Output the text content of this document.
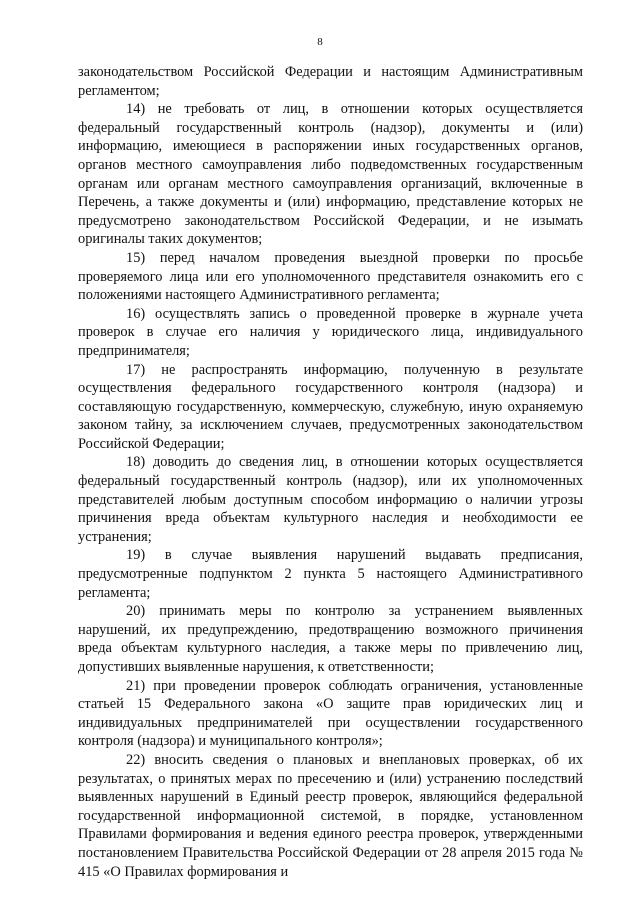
8

законодательством Российской Федерации и настоящим Административным регламентом;

14) не требовать от лиц, в отношении которых осуществляется федеральный государственный контроль (надзор), документы и (или) информацию, имеющиеся в распоряжении иных государственных органов, органов местного самоуправления либо подведомственных государственным органам или органам местного самоуправления организаций, включенные в Перечень, а также документы и (или) информацию, представление которых не предусмотрено законодательством Российской Федерации, и не изымать оригиналы таких документов;

15) перед началом проведения выездной проверки по просьбе проверяемого лица или его уполномоченного представителя ознакомить его с положениями настоящего Административного регламента;

16) осуществлять запись о проведенной проверке в журнале учета проверок в случае его наличия у юридического лица, индивидуального предпринимателя;

17) не распространять информацию, полученную в результате осуществления федерального государственного контроля (надзора) и составляющую государственную, коммерческую, служебную, иную охраняемую законом тайну, за исключением случаев, предусмотренных законодательством Российской Федерации;

18) доводить до сведения лиц, в отношении которых осуществляется федеральный государственный контроль (надзор), или их уполномоченных представителей любым доступным способом информацию о наличии угрозы причинения вреда объектам культурного наследия и необходимости ее устранения;

19) в случае выявления нарушений выдавать предписания, предусмотренные подпунктом 2 пункта 5 настоящего Административного регламента;

20) принимать меры по контролю за устранением выявленных нарушений, их предупреждению, предотвращению возможного причинения вреда объектам культурного наследия, а также меры по привлечению лиц, допустивших выявленные нарушения, к ответственности;

21) при проведении проверок соблюдать ограничения, установленные статьей 15 Федерального закона «О защите прав юридических лиц и индивидуальных предпринимателей при осуществлении государственного контроля (надзора) и муниципального контроля»;

22) вносить сведения о плановых и внеплановых проверках, об их результатах, о принятых мерах по пресечению и (или) устранению последствий выявленных нарушений в Единый реестр проверок, являющийся федеральной государственной информационной системой, в порядке, установленном Правилами формирования и ведения единого реестра проверок, утвержденными постановлением Правительства Российской Федерации от 28 апреля 2015 года № 415 «О Правилах формирования и
